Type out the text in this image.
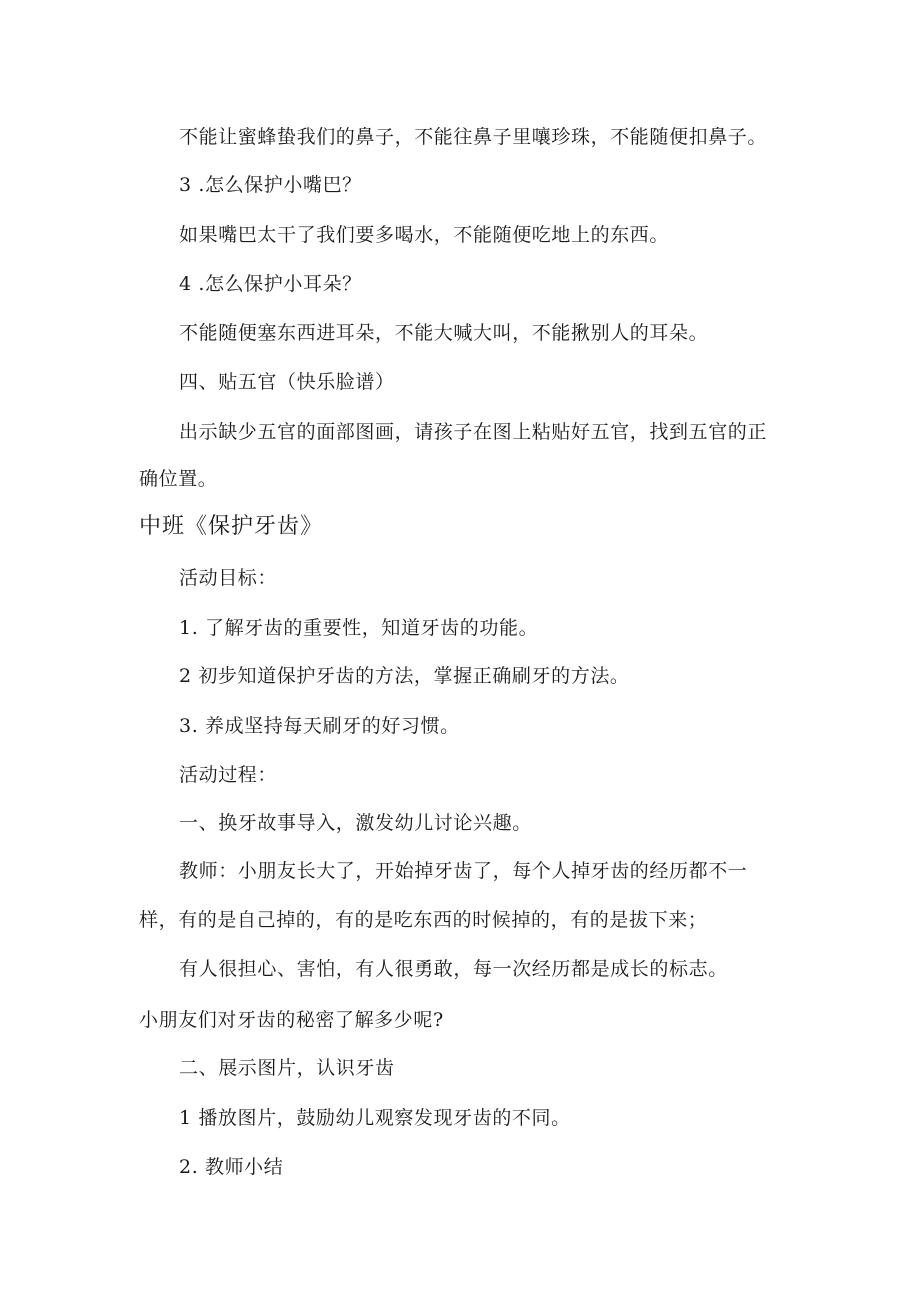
不能让蜜蜂蛰我们的鼻子，不能往鼻子里嚷珍珠，不能随便扣鼻子。
3 .怎么保护小嘴巴？
如果嘴巴太干了我们要多喝水，不能随便吃地上的东西。
4 .怎么保护小耳朵？
不能随便塞东西进耳朵，不能大喊大叫，不能揪别人的耳朵。
四、贴五官（快乐脸谱）
出示缺少五官的面部图画，请孩子在图上粘贴好五官，找到五官的正
确位置。
中班《保护牙齿》
活动目标：
1. 了解牙齿的重要性，知道牙齿的功能。
2 初步知道保护牙齿的方法，掌握正确刷牙的方法。
3. 养成坚持每天刷牙的好习惯。
活动过程：
一、换牙故事导入，激发幼儿讨论兴趣。
教师：小朋友长大了，开始掉牙齿了，每个人掉牙齿的经历都不一
样，有的是自己掉的，有的是吃东西的时候掉的，有的是拔下来；
有人很担心、害怕，有人很勇敢，每一次经历都是成长的标志。
小朋友们对牙齿的秘密了解多少呢?
二、展示图片，认识牙齿
1 播放图片，鼓励幼儿观察发现牙齿的不同。
2. 教师小结
